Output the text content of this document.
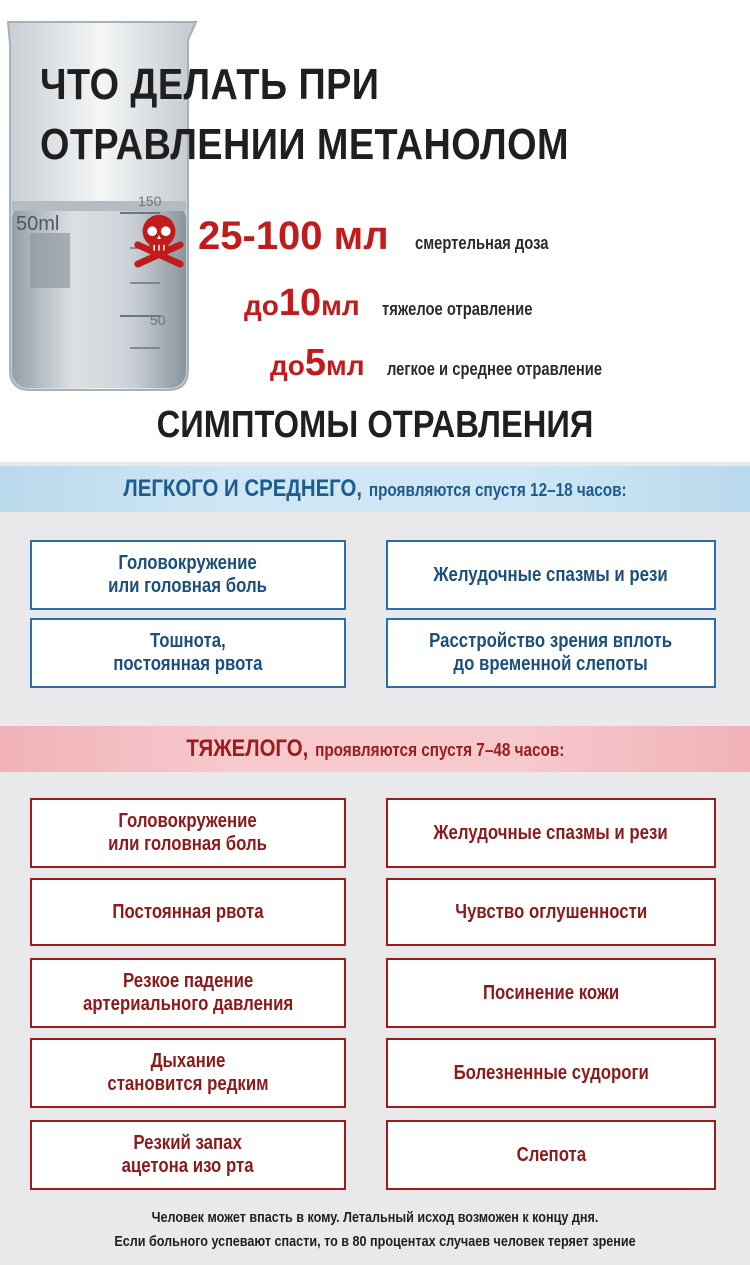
150
50
50ml
ЧТО ДЕЛАТЬ ПРИ
ОТРАВЛЕНИИ МЕТАНОЛОМ
25-100 мл смертельная доза
до 10 мл тяжелое отравление
до 5 мл легкое и среднее отравление
СИМПТОМЫ ОТРАВЛЕНИЯ
ЛЕГКОГО И СРЕДНЕГО, проявляются спустя 12–18 часов:
Головокружение
или головная боль
Желудочные спазмы и рези
Тошнота,
постоянная рвота
Расстройство зрения вплоть
до временной слепоты
ТЯЖЕЛОГО, проявляются спустя 7–48 часов:
Головокружение
или головная боль
Желудочные спазмы и рези
Постоянная рвота	Чувство оглушенности
Резкое падение
артериального давления
Посинение кожи
Дыхание
становится редким
Болезненные судороги
Резкий запах
ацетона изо рта
Слепота
Человек может впасть в кому. Летальный исход возможен к концу дня.
Если больного успевают спасти, то в 80 процентах случаев человек теряет зрение
